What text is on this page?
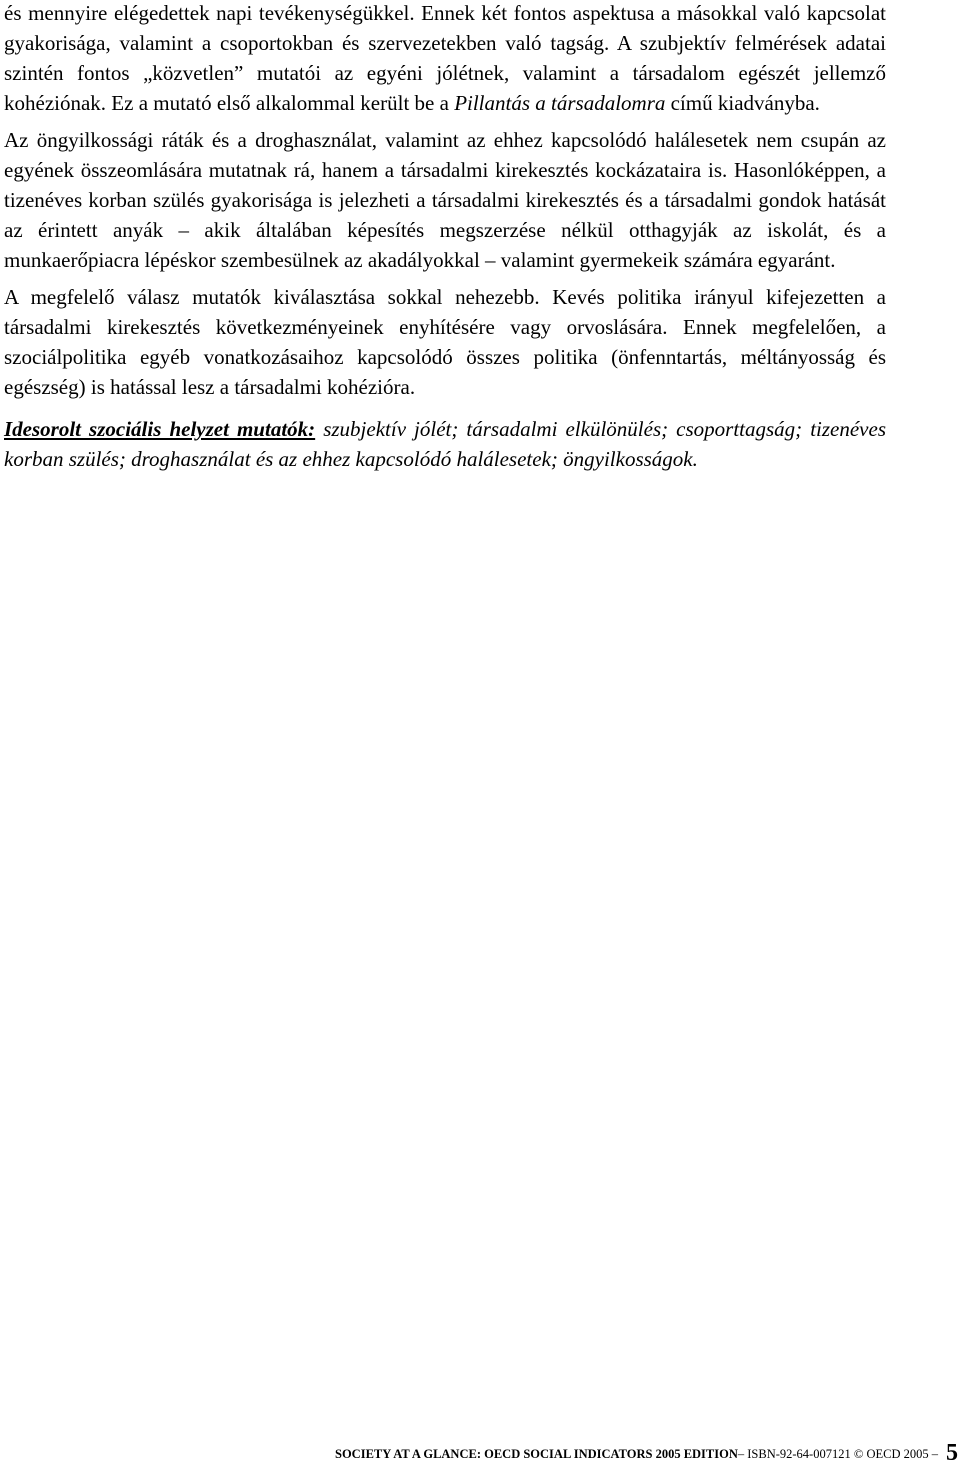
és mennyire elégedettek napi tevékenységükkel. Ennek két fontos aspektusa a másokkal való kapcsolat gyakorisága, valamint a csoportokban és szervezetekben való tagság. A szubjektív felmérések adatai szintén fontos „közvetlen” mutatói az egyéni jólétnek, valamint a társadalom egészét jellemző kohéziónak. Ez a mutató első alkalommal került be a Pillantás a társadalomra című kiadványba.

Az öngyilkossági ráták és a droghasználat, valamint az ehhez kapcsolódó halálesetek nem csupán az egyének összeomlására mutatnak rá, hanem a társadalmi kirekesztés kockázataira is. Hasonlóképpen, a tizenéves korban szülés gyakorisága is jelezheti a társadalmi kirekesztés és a társadalmi gondok hatását az érintett anyák – akik általában képesítés megszerzése nélkül otthagyják az iskolát, és a munkaerőpiacra lépéskor szembesülnek az akadályokkal – valamint gyermekeik számára egyaránt.

A megfelelő válasz mutatók kiválasztása sokkal nehezebb. Kevés politika irányul kifejezetten a társadalmi kirekesztés következményeinek enyhítésére vagy orvoslására. Ennek megfelelően, a szociálpolitika egyéb vonatkozásaihoz kapcsolódó összes politika (önfenntartás, méltányosság és egészség) is hatással lesz a társadalmi kohézióra.

Idesorolt szociális helyzet mutatók: szubjektív jólét; társadalmi elkülönülés; csoporttagság; tizenéves korban szülés; droghasználat és az ehhez kapcsolódó halálesetek; öngyilkosságok.

SOCIETY AT A GLANCE: OECD SOCIAL INDICATORS 2005 EDITION– ISBN-92-64-007121 © OECD 2005 – 5
